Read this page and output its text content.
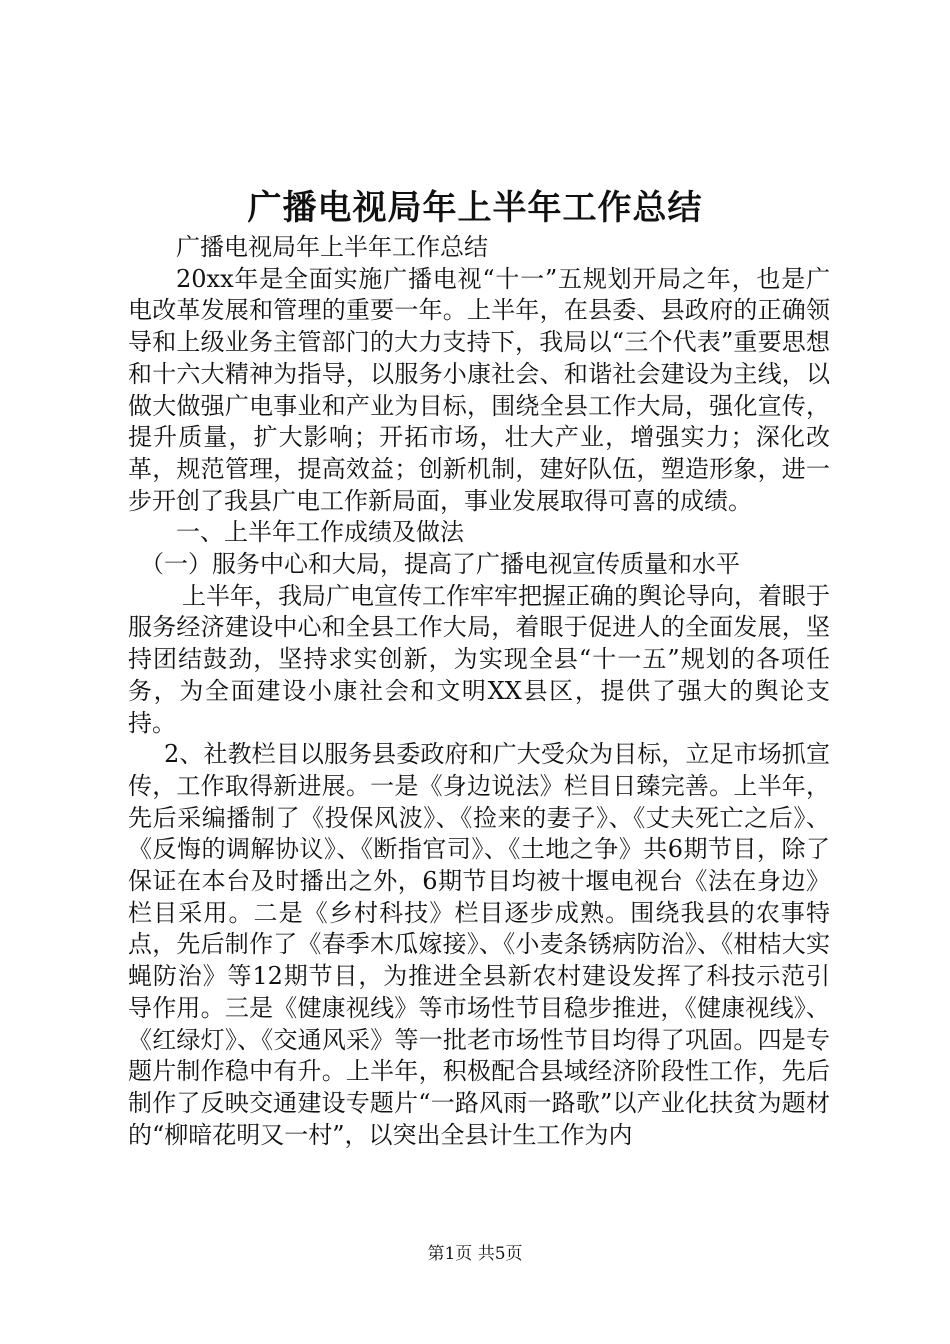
广播电视局年上半年工作总结

广播电视局年上半年工作总结

20xx年是全面实施广播电视“十一”五规划开局之年，也是广电改革发展和管理的重要一年。上半年，在县委、县政府的正确领导和上级业务主管部门的大力支持下，我局以“三个代表”重要思想和十六大精神为指导，以服务小康社会、和谐社会建设为主线，以做大做强广电事业和产业为目标，围绕全县工作大局，强化宣传，提升质量，扩大影响；开拓市场，壮大产业，增强实力；深化改革，规范管理，提高效益；创新机制，建好队伍，塑造形象，进一步开创了我县广电工作新局面，事业发展取得可喜的成绩。

一、上半年工作成绩及做法

（一）服务中心和大局，提高了广播电视宣传质量和水平

上半年，我局广电宣传工作牢牢把握正确的舆论导向，着眼于服务经济建设中心和全县工作大局，着眼于促进人的全面发展，坚持团结鼓劲，坚持求实创新，为实现全县“十一五”规划的各项任务，为全面建设小康社会和文明XX县区，提供了强大的舆论支持。

2、社教栏目以服务县委政府和广大受众为目标，立足市场抓宣传，工作取得新进展。一是《身边说法》栏目日臻完善。上半年，先后采编播制了《投保风波》、《捡来的妻子》、《丈夫死亡之后》、《反悔的调解协议》、《断指官司》、《土地之争》共6期节目，除了保证在本台及时播出之外，6期节目均被十堰电视台《法在身边》栏目采用。二是《乡村科技》栏目逐步成熟。围绕我县的农事特点，先后制作了《春季木瓜嫁接》、《小麦条锈病防治》、《柑桔大实蝇防治》等12期节目，为推进全县新农村建设发挥了科技示范引导作用。三是《健康视线》等市场性节目稳步推进，《健康视线》、《红绿灯》、《交通风采》等一批老市场性节目均得了巩固。四是专题片制作稳中有升。上半年，积极配合县域经济阶段性工作，先后制作了反映交通建设专题片“一路风雨一路歌”以产业化扶贫为题材的“柳暗花明又一村”，以突出全县计生工作为内

第1页 共5页
